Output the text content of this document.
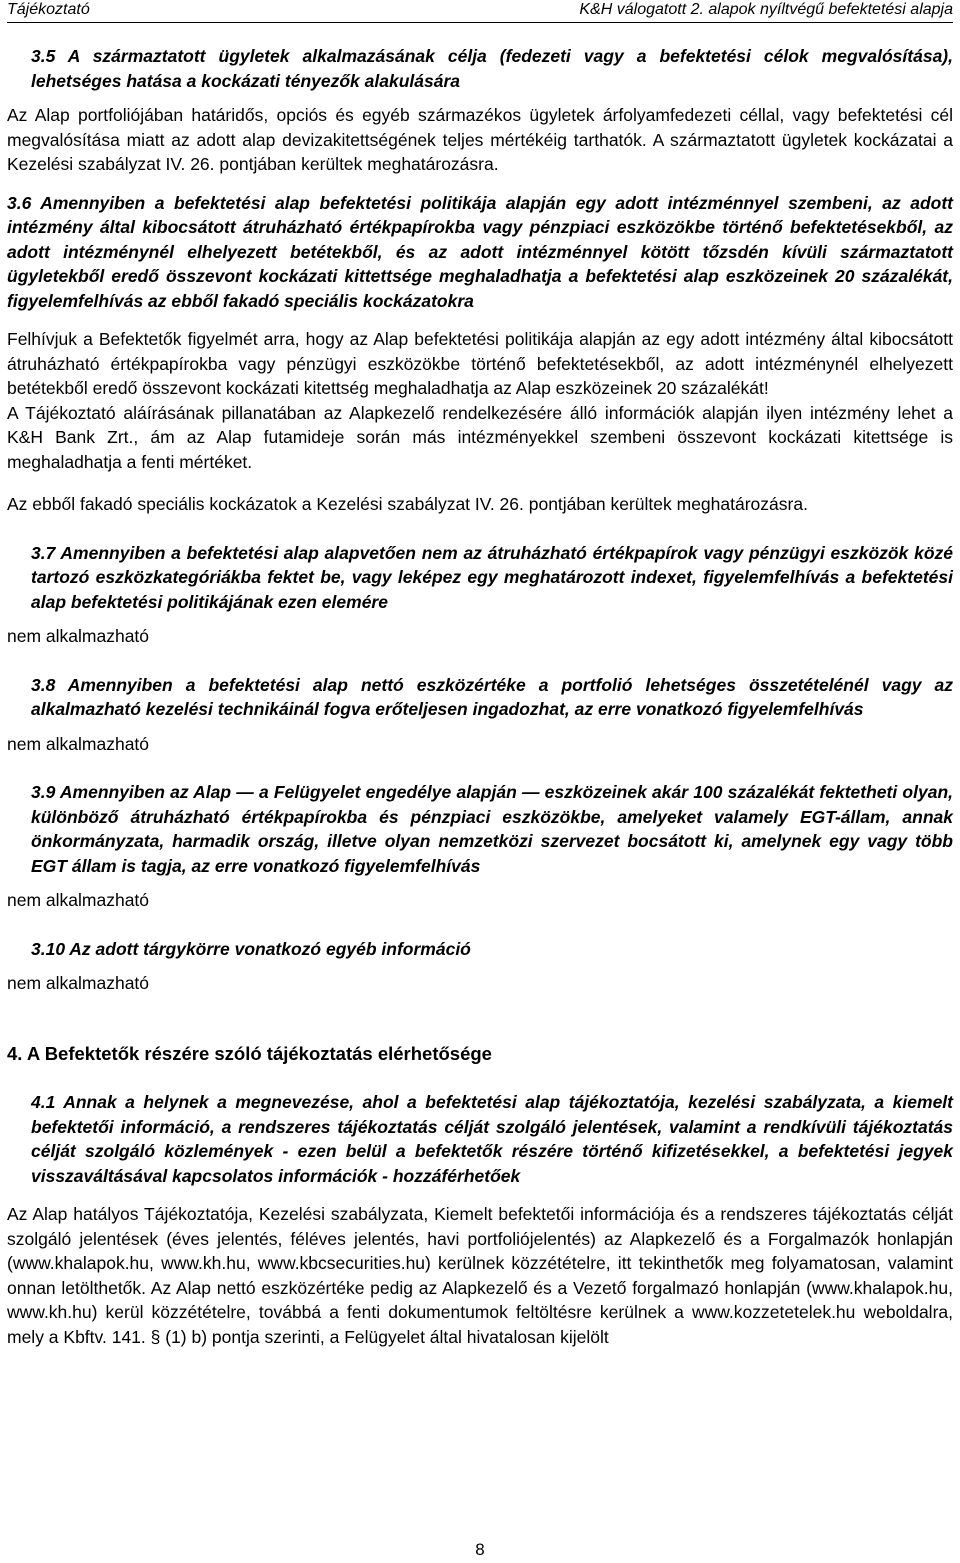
Tájékoztató	K&H válogatott 2. alapok nyíltvégű befektetési alapja

3.5 A származtatott ügyletek alkalmazásának célja (fedezeti vagy a befektetési célok megvalósítása), lehetséges hatása a kockázati tényezők alakulására

Az Alap portfoliójában határidős, opciós és egyéb származékos ügyletek árfolyamfedezeti céllal, vagy befektetési cél megvalósítása miatt az adott alap devizakitettségének teljes mértékéig tarthatók. A származtatott ügyletek kockázatai a Kezelési szabályzat IV. 26. pontjában kerültek meghatározásra.

3.6 Amennyiben a befektetési alap befektetési politikája alapján egy adott intézménnyel szembeni, az adott intézmény által kibocsátott átruházható értékpapírokba vagy pénzpiaci eszközökbe történő befektetésekből, az adott intézménynél elhelyezett betétekből, és az adott intézménnyel kötött tőzsdén kívüli származtatott ügyletekből eredő összevont kockázati kittettsége meghaladhatja a befektetési alap eszközeinek 20 százalékát, figyelemfelhívás az ebből fakadó speciális kockázatokra

Felhívjuk a Befektetők figyelmét arra, hogy az Alap befektetési politikája alapján az egy adott intézmény által kibocsátott átruházható értékpapírokba vagy pénzügyi eszközökbe történő befektetésekből, az adott intézménynél elhelyezett betétekből eredő összevont kockázati kitettség meghaladhatja az Alap eszközeinek 20 százalékát!

A Tájékoztató aláírásának pillanatában az Alapkezelő rendelkezésére álló információk alapján ilyen intézmény lehet a K&H Bank Zrt., ám az Alap futamideje során más intézményekkel szembeni összevont kockázati kitettsége is meghaladhatja a fenti mértéket.

Az ebből fakadó speciális kockázatok a Kezelési szabályzat IV. 26. pontjában kerültek meghatározásra.

3.7 Amennyiben a befektetési alap alapvetően nem az átruházható értékpapírok vagy pénzügyi eszközök közé tartozó eszközkategóriákba fektet be, vagy leképez egy meghatározott indexet, figyelemfelhívás a befektetési alap befektetési politikájának ezen elemére

nem alkalmazható

3.8 Amennyiben a befektetési alap nettó eszközértéke a portfolió lehetséges összetételénél vagy az alkalmazható kezelési technikáinál fogva erőteljesen ingadozhat, az erre vonatkozó figyelemfelhívás

nem alkalmazható

3.9 Amennyiben az Alap — a Felügyelet engedélye alapján — eszközeinek akár 100 százalékát fektetheti olyan, különböző átruházható értékpapírokba és pénzpiaci eszközökbe, amelyeket valamely EGT-állam, annak önkormányzata, harmadik ország, illetve olyan nemzetközi szervezet bocsátott ki, amelynek egy vagy több EGT állam is tagja, az erre vonatkozó figyelemfelhívás

nem alkalmazható

3.10 Az adott tárgykörre vonatkozó egyéb információ

nem alkalmazható

4. A Befektetők részére szóló tájékoztatás elérhetősége

4.1 Annak a helynek a megnevezése, ahol a befektetési alap tájékoztatója, kezelési szabályzata, a kiemelt befektetői információ, a rendszeres tájékoztatás célját szolgáló jelentések, valamint a rendkívüli tájékoztatás célját szolgáló közlemények - ezen belül a befektetők részére történő kifizetésekkel, a befektetési jegyek visszaváltásával kapcsolatos információk - hozzáférhetőek

Az Alap hatályos Tájékoztatója, Kezelési szabályzata, Kiemelt befektetői információja és a rendszeres tájékoztatás célját szolgáló jelentések (éves jelentés, féléves jelentés, havi portfoliójelentés) az Alapkezelő és a Forgalmazók honlapján (www.khalapok.hu, www.kh.hu, www.kbcsecurities.hu) kerülnek közzétételre, itt tekinthetők meg folyamatosan, valamint onnan letölthetők. Az Alap nettó eszközértéke pedig az Alapkezelő és a Vezető forgalmazó honlapján (www.khalapok.hu, www.kh.hu) kerül közzétételre, továbbá a fenti dokumentumok feltöltésre kerülnek a www.kozzetetelek.hu weboldalra, mely a Kbftv. 141. § (1) b) pontja szerinti, a Felügyelet által hivatalosan kijelölt

8
